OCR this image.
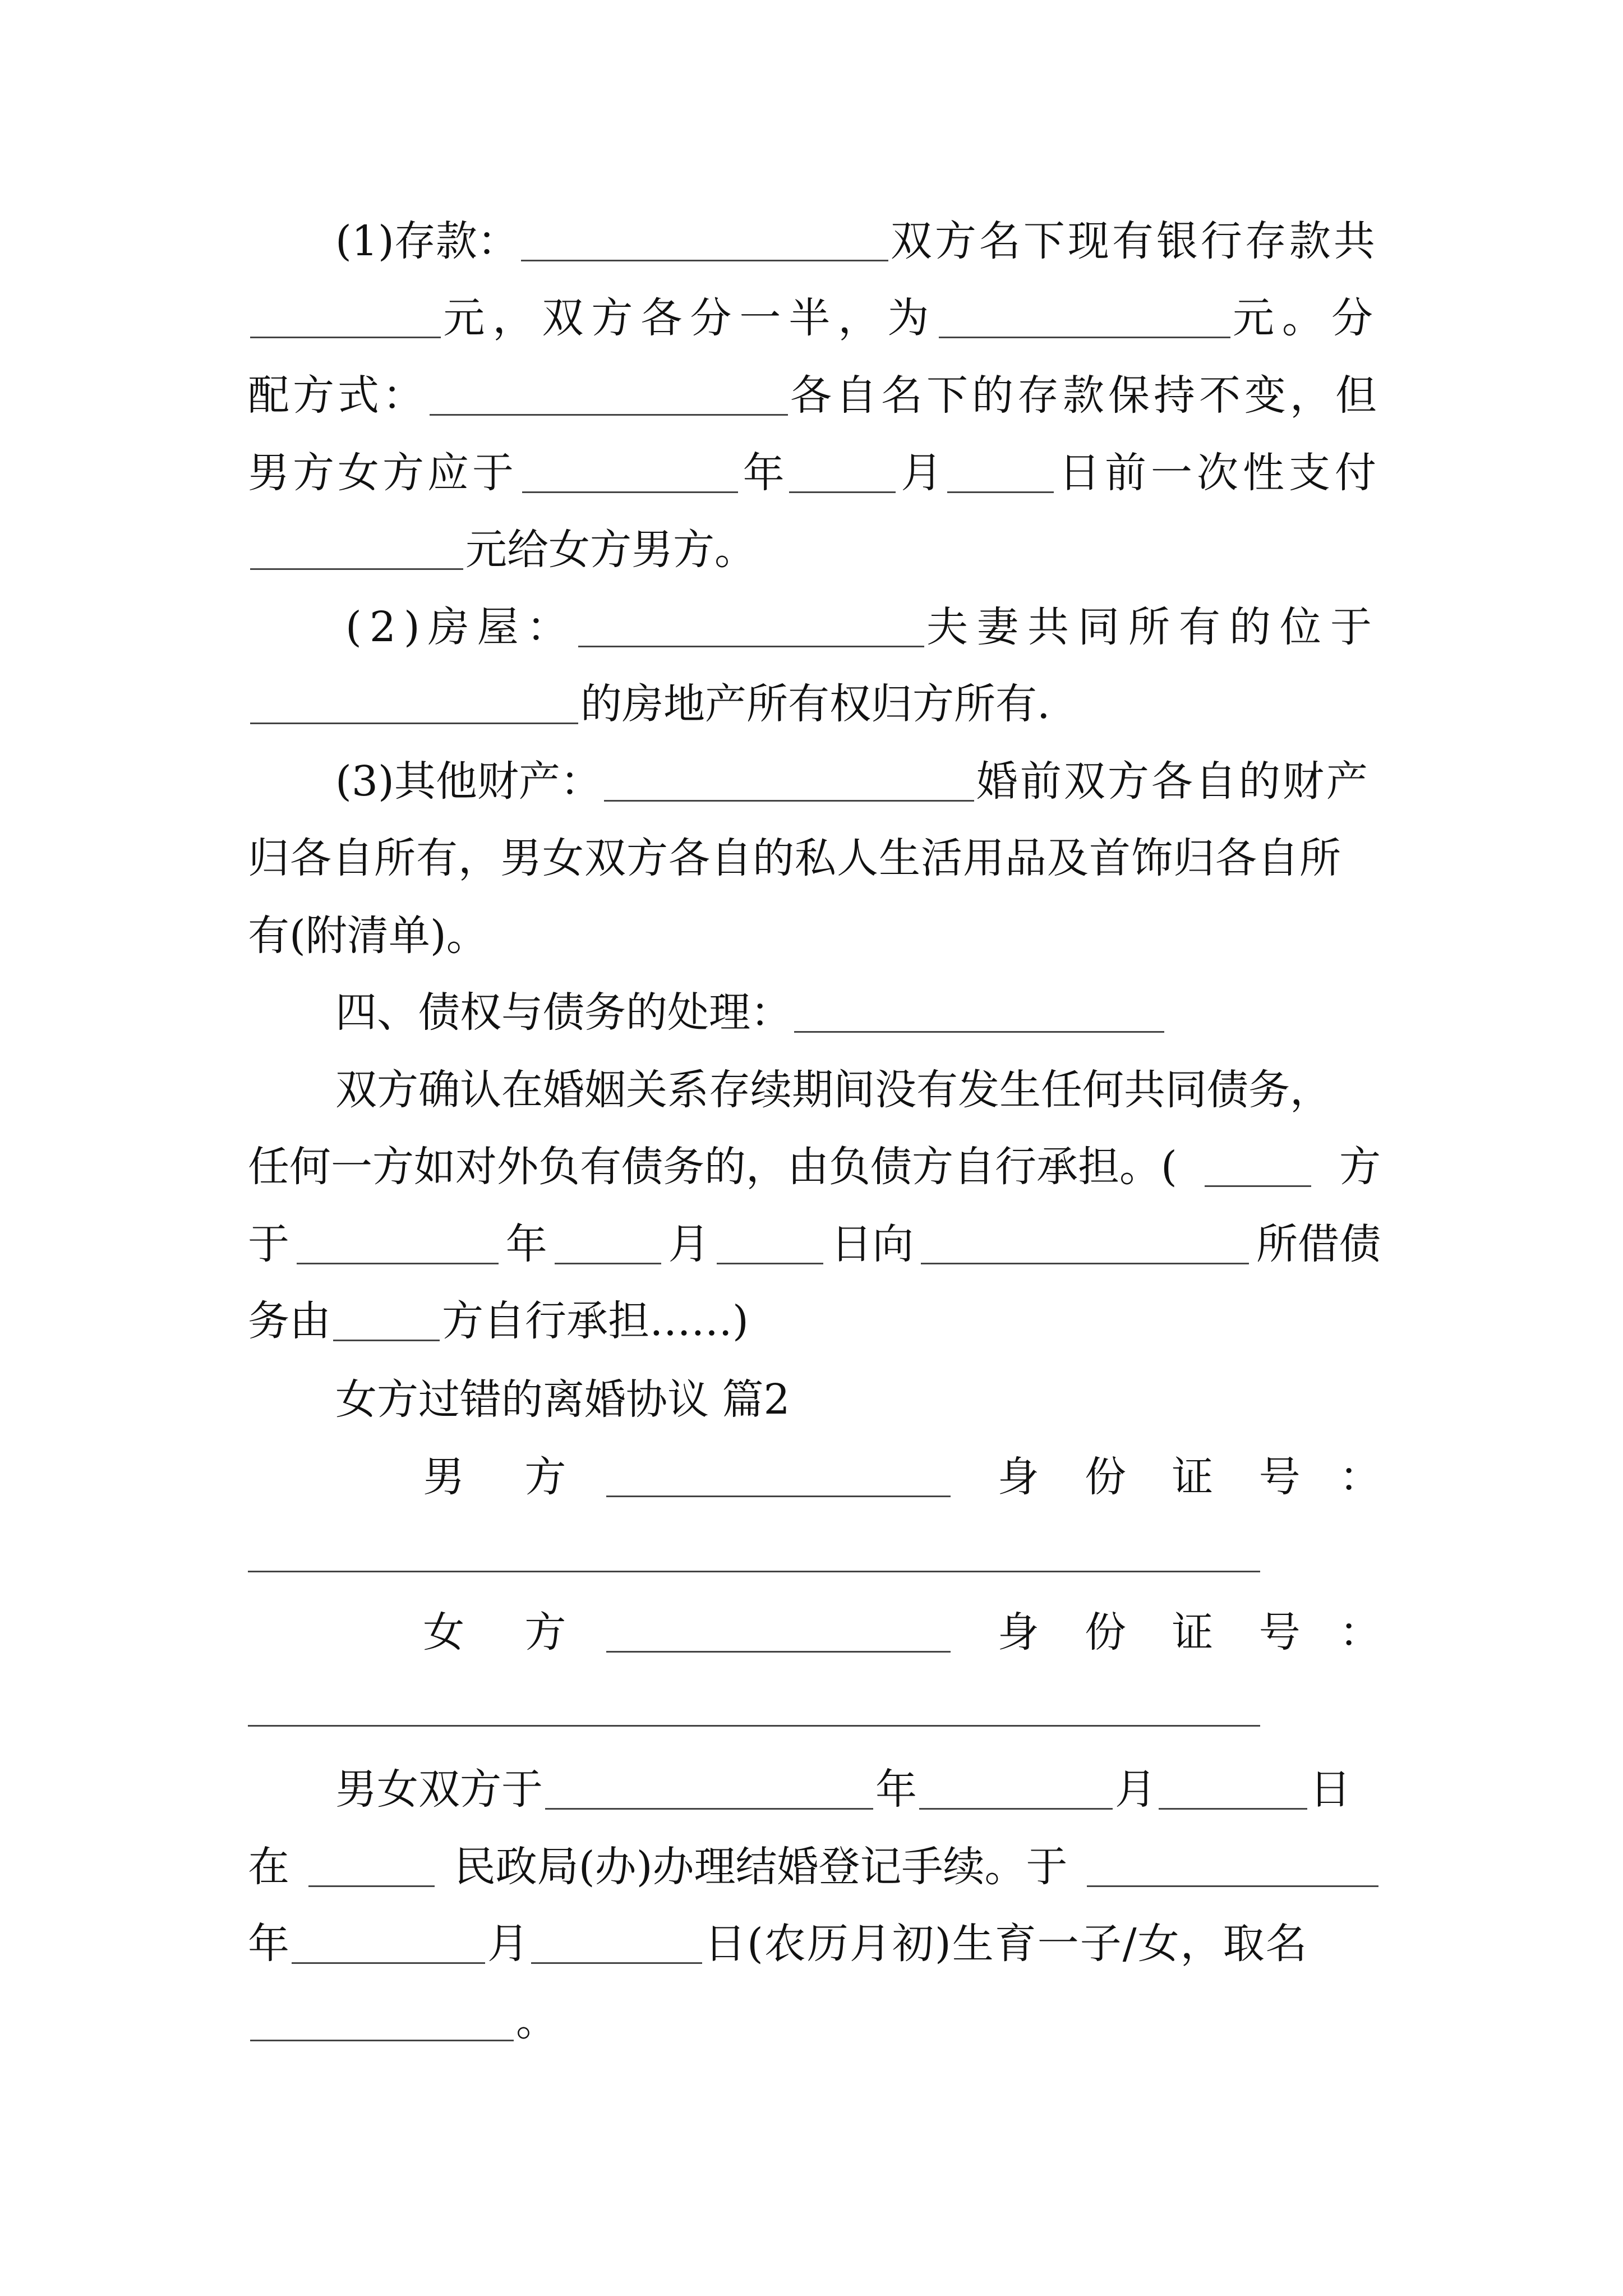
(1)存款：	双方名下现有银行存款共
元，双方各分一半，为	元。分
配方式：	各自名下的存款保持不变，但
男方女方应于	年	月	日前一次性支付
元给女方男方。
(2)房屋：	夫妻共同所有的位于
的房地产所有权归方所有.
(3)其他财产：	婚前双方各自的财产
归各自所有，男女双方各自的私人生活用品及首饰归各自所
有(附清单)。
四、债权与债务的处理：
双方确认在婚姻关系存续期间没有发生任何共同债务，
任何一方如对外负有债务的，由负债方自行承担。(	方
于	年	月	日向	所借债
务由	方自行承担……)
女方过错的离婚协议 篇2
男 方	身 份 证 号 ：
女 方	身 份 证 号 ：
男女双方于	年	月	日
在	民政局(办)办理结婚登记手续。于
年	月	日(农历月初)生育一子/女，取名
。
